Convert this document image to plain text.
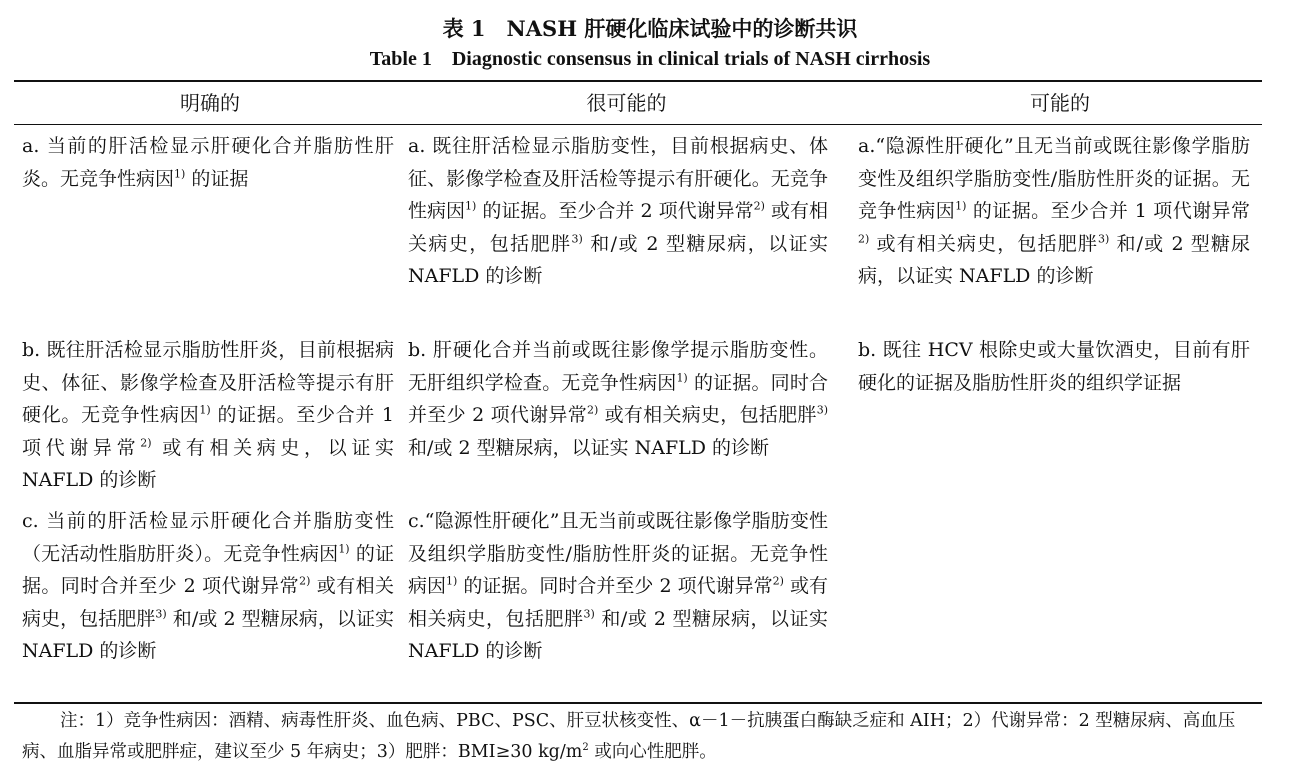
表 1　NASH 肝硬化临床试验中的诊断共识
Table 1　Diagnostic consensus in clinical trials of NASH cirrhosis
明确的	很可能的	可能的
a. 当前的肝活检显示肝硬化合并脂肪性肝炎。无竞争性病因$^{1)}$ 的证据
b. 既往肝活检显示脂肪性肝炎，目前根据病史、体征、影像学检查及肝活检等提示有肝硬化。无竞争性病因$^{1)}$ 的证据。至少合并 1 项代谢异常$^{2)}$ 或有相关病史，以证实 NAFLD 的诊断
c. 当前的肝活检显示肝硬化合并脂肪变性（无活动性脂肪肝炎）。无竞争性病因$^{1)}$ 的证据。同时合并至少 2 项代谢异常$^{2)}$ 或有相关病史，包括肥胖$^{3)}$ 和/或 2 型糖尿病，以证实 NAFLD 的诊断
a. 既往肝活检显示脂肪变性，目前根据病史、体征、影像学检查及肝活检等提示有肝硬化。无竞争性病因$^{1)}$ 的证据。至少合并 2 项代谢异常$^{2)}$ 或有相关病史，包括肥胖$^{3)}$ 和/或 2 型糖尿病，以证实 NAFLD 的诊断
b. 肝硬化合并当前或既往影像学提示脂肪变性。无肝组织学检查。无竞争性病因$^{1)}$ 的证据。同时合并至少 2 项代谢异常$^{2)}$ 或有相关病史，包括肥胖$^{3)}$ 和/或 2 型糖尿病，以证实 NAFLD 的诊断
c.“隐源性肝硬化”且无当前或既往影像学脂肪变性及组织学脂肪变性/脂肪性肝炎的证据。无竞争性病因$^{1)}$ 的证据。同时合并至少 2 项代谢异常$^{2)}$ 或有相关病史，包括肥胖$^{3)}$ 和/或 2 型糖尿病，以证实 NAFLD 的诊断
a.“隐源性肝硬化”且无当前或既往影像学脂肪变性及组织学脂肪变性/脂肪性肝炎的证据。无竞争性病因$^{1)}$ 的证据。至少合并 1 项代谢异常$^{2)}$ 或有相关病史，包括肥胖$^{3)}$ 和/或 2 型糖尿病，以证实 NAFLD 的诊断
b. 既往 HCV 根除史或大量饮酒史，目前有肝硬化的证据及脂肪性肝炎的组织学证据
注：1）竞争性病因：酒精、病毒性肝炎、血色病、PBC、PSC、肝豆状核变性、α－1－抗胰蛋白酶缺乏症和 AIH；2）代谢异常：2 型糖尿病、高血压病、血脂异常或肥胖症，建议至少 5 年病史；3）肥胖：BMI≥30 $kg/m^2$ 或向心性肥胖。
